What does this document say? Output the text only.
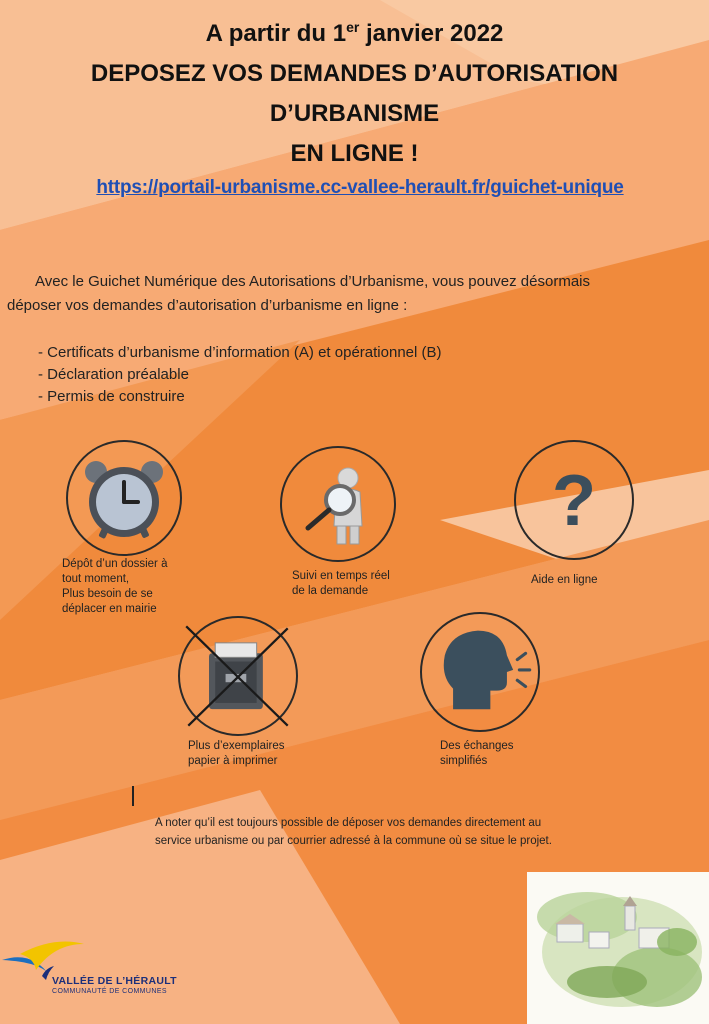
A partir du 1er janvier 2022
DEPOSEZ VOS DEMANDES D’AUTORISATION
D’URBANISME
EN LIGNE !
https://portail-urbanisme.cc-vallee-herault.fr/guichet-unique

Avec le Guichet Numérique des Autorisations d’Urbanisme, vous pouvez désormais

déposer vos demandes d’autorisation d’urbanisme en ligne :

- Certificats d’urbanisme d’information (A) et opérationnel (B)
- Déclaration préalable
- Permis de construire
Dépôt d’un dossier à
tout moment,
Plus besoin de se
déplacer en mairie
Suivi en temps réel
de la demande
?
Aide en ligne
Plus d’exemplaires
papier à imprimer
Des échanges
simplifiés
A noter qu’il est toujours possible de déposer vos demandes directement au
service urbanisme ou par courrier adressé à la commune où se situe le projet.
VALLÉE DE L’HÉRAULT
COMMUNAUTÉ DE COMMUNES
